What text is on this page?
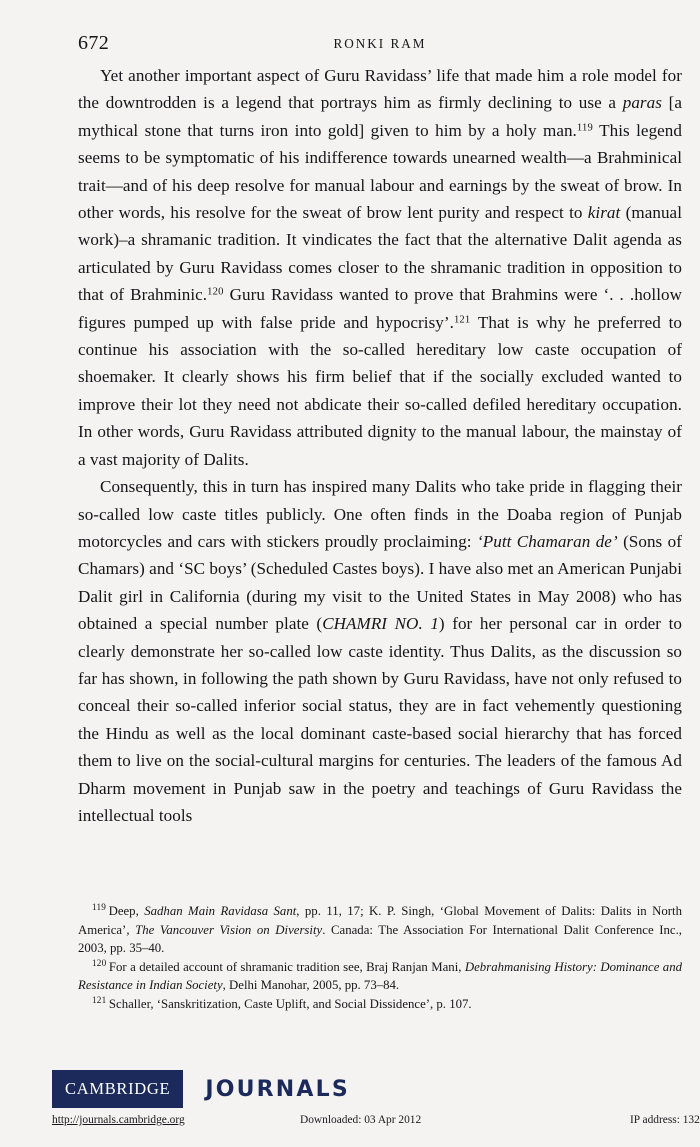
672	RONKI RAM

Yet another important aspect of Guru Ravidass’ life that made him a role model for the downtrodden is a legend that portrays him as firmly declining to use a paras [a mythical stone that turns iron into gold] given to him by a holy man.$^{119}$ This legend seems to be symptomatic of his indifference towards unearned wealth—a Brahminical trait—and of his deep resolve for manual labour and earnings by the sweat of brow. In other words, his resolve for the sweat of brow lent purity and respect to kirat (manual work)–a shramanic tradition. It vindicates the fact that the alternative Dalit agenda as articulated by Guru Ravidass comes closer to the shramanic tradition in opposition to that of Brahminic.$^{120}$ Guru Ravidass wanted to prove that Brahmins were ‘. . .hollow figures pumped up with false pride and hypocrisy’.$^{121}$ That is why he preferred to continue his association with the so-called hereditary low caste occupation of shoemaker. It clearly shows his firm belief that if the socially excluded wanted to improve their lot they need not abdicate their so-called defiled hereditary occupation. In other words, Guru Ravidass attributed dignity to the manual labour, the mainstay of a vast majority of Dalits.

Consequently, this in turn has inspired many Dalits who take pride in flagging their so-called low caste titles publicly. One often finds in the Doaba region of Punjab motorcycles and cars with stickers proudly proclaiming: ‘Putt Chamaran de’ (Sons of Chamars) and ‘SC boys’ (Scheduled Castes boys). I have also met an American Punjabi Dalit girl in California (during my visit to the United States in May 2008) who has obtained a special number plate (CHAMRI NO. 1) for her personal car in order to clearly demonstrate her so-called low caste identity. Thus Dalits, as the discussion so far has shown, in following the path shown by Guru Ravidass, have not only refused to conceal their so-called inferior social status, they are in fact vehemently questioning the Hindu as well as the local dominant caste-based social hierarchy that has forced them to live on the social-cultural margins for centuries. The leaders of the famous Ad Dharm movement in Punjab saw in the poetry and teachings of Guru Ravidass the intellectual tools

$^{119}$ Deep, Sadhan Main Ravidasa Sant, pp. 11, 17; K. P. Singh, ‘Global Movement of Dalits: Dalits in North America’, The Vancouver Vision on Diversity. Canada: The Association For International Dalit Conference Inc., 2003, pp. 35–40.

$^{120}$ For a detailed account of shramanic tradition see, Braj Ranjan Mani, Debrahmanising History: Dominance and Resistance in Indian Society, Delhi Manohar, 2005, pp. 73–84.

$^{121}$ Schaller, ‘Sanskritization, Caste Uplift, and Social Dissidence’, p. 107.

CAMBRIDGE JOURNALS
http://journals.cambridge.org	Downloaded: 03 Apr 2012	IP address: 132
